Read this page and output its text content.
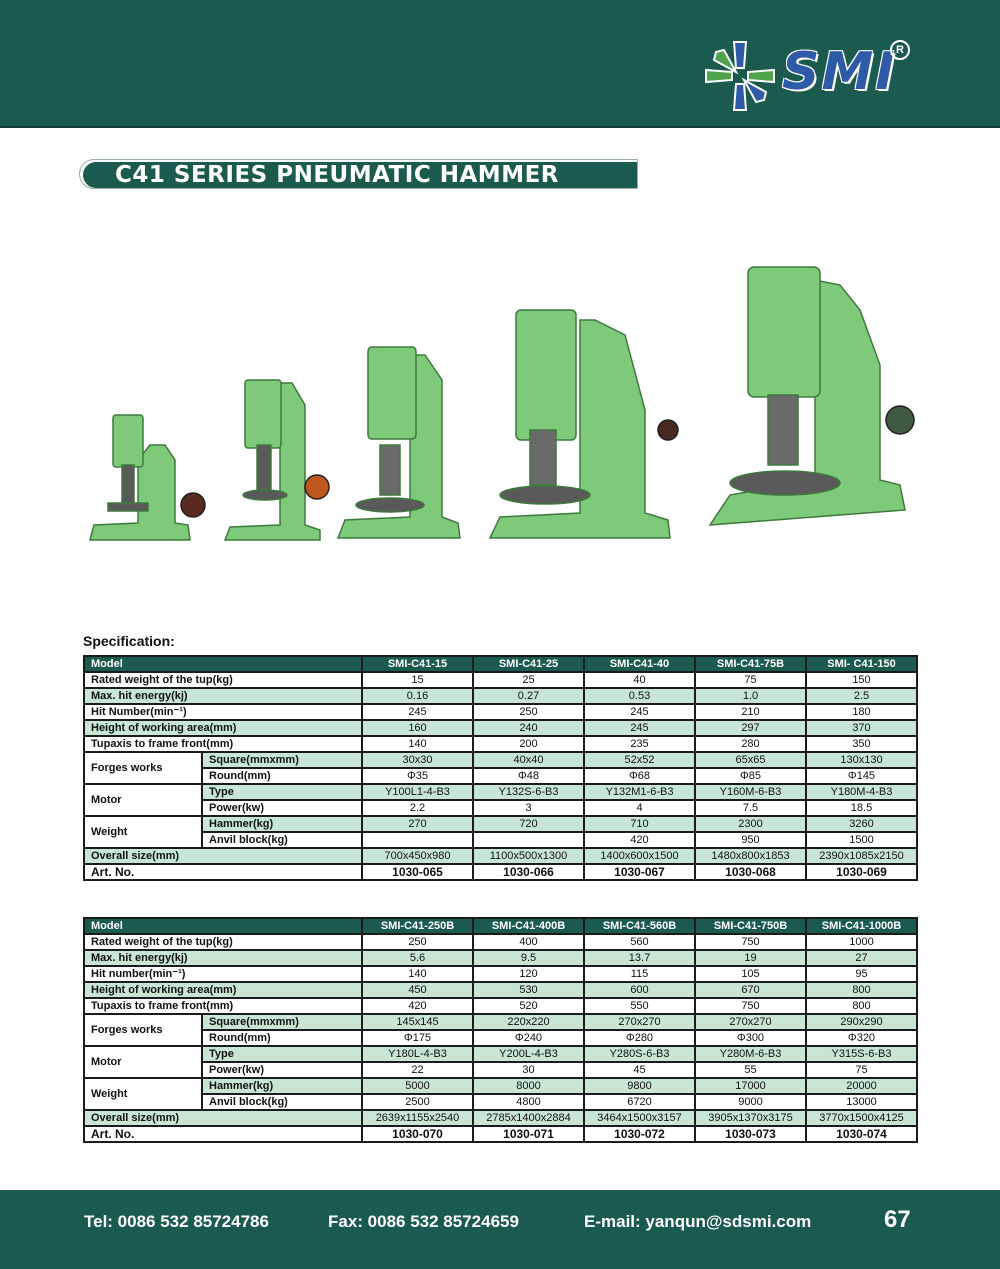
SMI R
C41 SERIES PNEUMATIC HAMMER
Specification:
Model		SMI-C41-15	SMI-C41-25	SMI-C41-40	SMI-C41-75B	SMI- C41-150
Rated weight of the tup(kg)		15	25	40	75	150
Max. hit energy(kj)		0.16	0.27	0.53	1.0	2.5
Hit Number(min⁻¹)		245	250	245	210	180
Height of working area(mm)		160	240	245	297	370
Tupaxis to frame front(mm)		140	200	235	280	350
Forges works	Square(mmxmm)	30x30	40x40	52x52	65x65	130x130
	Round(mm)	Φ35	Φ48	Φ68	Φ85	Φ145
Motor	Type	Y100L1-4-B3	Y132S-6-B3	Y132M1-6-B3	Y160M-6-B3	Y180M-4-B3
	Power(kw)	2.2	3	4	7.5	18.5
Weight	Hammer(kg)	270	720	710	2300	3260
	Anvil block(kg)			420	950	1500
Overall size(mm)		700x450x980	1100x500x1300	1400x600x1500	1480x800x1853	2390x1085x2150
Art. No.		1030-065	1030-066	1030-067	1030-068	1030-069
Model		SMI-C41-250B	SMI-C41-400B	SMI-C41-560B	SMI-C41-750B	SMI-C41-1000B
Rated weight of the tup(kg)		250	400	560	750	1000
Max. hit energy(kj)		5.6	9.5	13.7	19	27
Hit number(min⁻¹)		140	120	115	105	95
Height of working area(mm)		450	530	600	670	800
Tupaxis to frame front(mm)		420	520	550	750	800
Forges works	Square(mmxmm)	145x145	220x220	270x270	270x270	290x290
	Round(mm)	Φ175	Φ240	Φ280	Φ300	Φ320
Motor	Type	Y180L-4-B3	Y200L-4-B3	Y280S-6-B3	Y280M-6-B3	Y315S-6-B3
	Power(kw)	22	30	45	55	75
Weight	Hammer(kg)	5000	8000	9800	17000	20000
	Anvil block(kg)	2500	4800	6720	9000	13000
Overall size(mm)		2639x1155x2540	2785x1400x2884	3464x1500x3157	3905x1370x3175	3770x1500x4125
Art. No.		1030-070	1030-071	1030-072	1030-073	1030-074
Tel: 0086 532 85724786	Fax: 0086 532 85724659	E-mail: yanqun@sdsmi.com	67
